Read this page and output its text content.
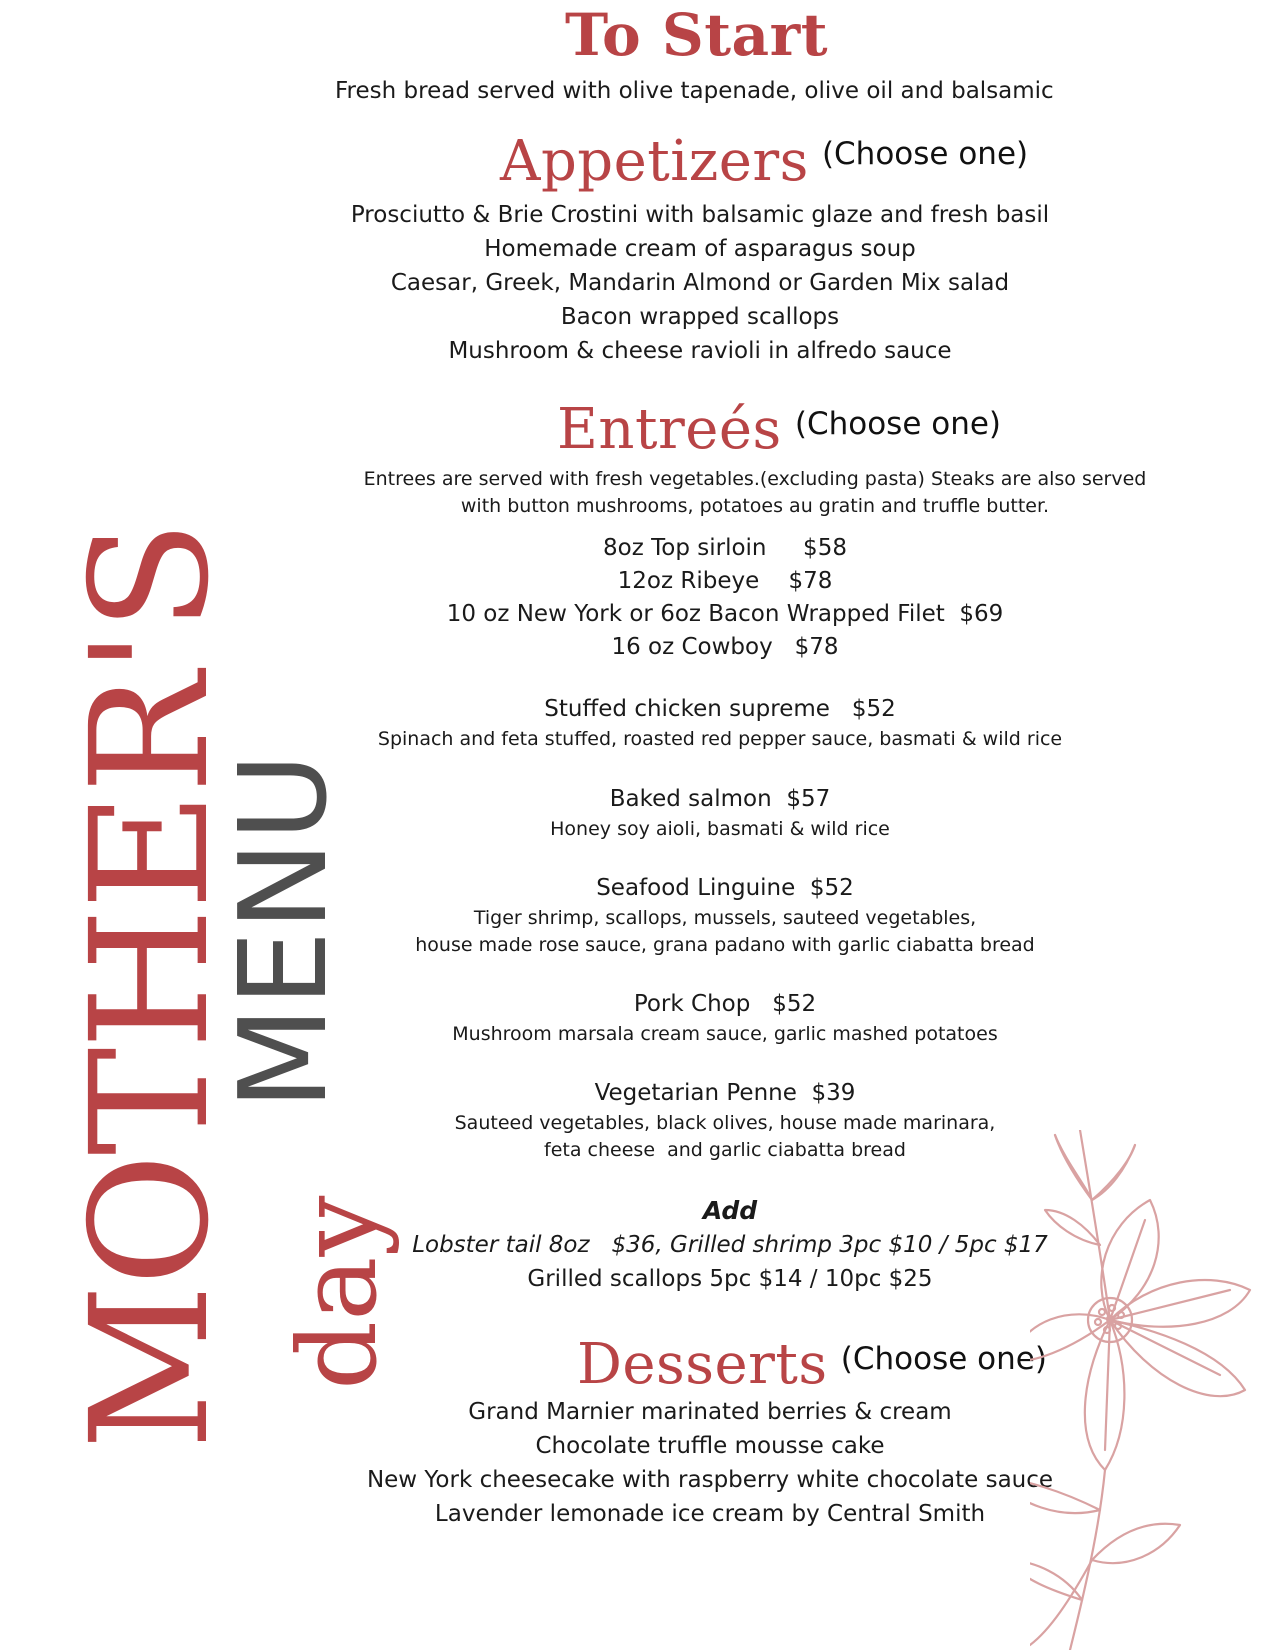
MOTHER'S
MENU
day
To Start
Fresh bread served with olive tapenade, olive oil and balsamic
Appetizers (Choose one)
Prosciutto & Brie Crostini with balsamic glaze and fresh basil
Homemade cream of asparagus soup
Caesar, Greek, Mandarin Almond or Garden Mix salad
Bacon wrapped scallops
Mushroom & cheese ravioli in alfredo sauce
Entreés (Choose one)
Entrees are served with fresh vegetables.(excluding pasta) Steaks are also served
with button mushrooms, potatoes au gratin and truffle butter.
8oz Top sirloin     $58
12oz Ribeye    $78
10 oz New York or 6oz Bacon Wrapped Filet  $69
16 oz Cowboy   $78
Stuffed chicken supreme   $52
Spinach and feta stuffed, roasted red pepper sauce, basmati & wild rice
Baked salmon  $57
Honey soy aioli, basmati & wild rice
Seafood Linguine  $52
Tiger shrimp, scallops, mussels, sauteed vegetables,
house made rose sauce, grana padano with garlic ciabatta bread
Pork Chop   $52
Mushroom marsala cream sauce, garlic mashed potatoes
Vegetarian Penne  $39
Sauteed vegetables, black olives, house made marinara,
feta cheese  and garlic ciabatta bread
Add
Lobster tail 8oz   $36, Grilled shrimp 3pc $10 / 5pc $17
Grilled scallops 5pc $14 / 10pc $25
Desserts (Choose one)
Grand Marnier marinated berries & cream
Chocolate truffle mousse cake
New York cheesecake with raspberry white chocolate sauce
Lavender lemonade ice cream by Central Smith
